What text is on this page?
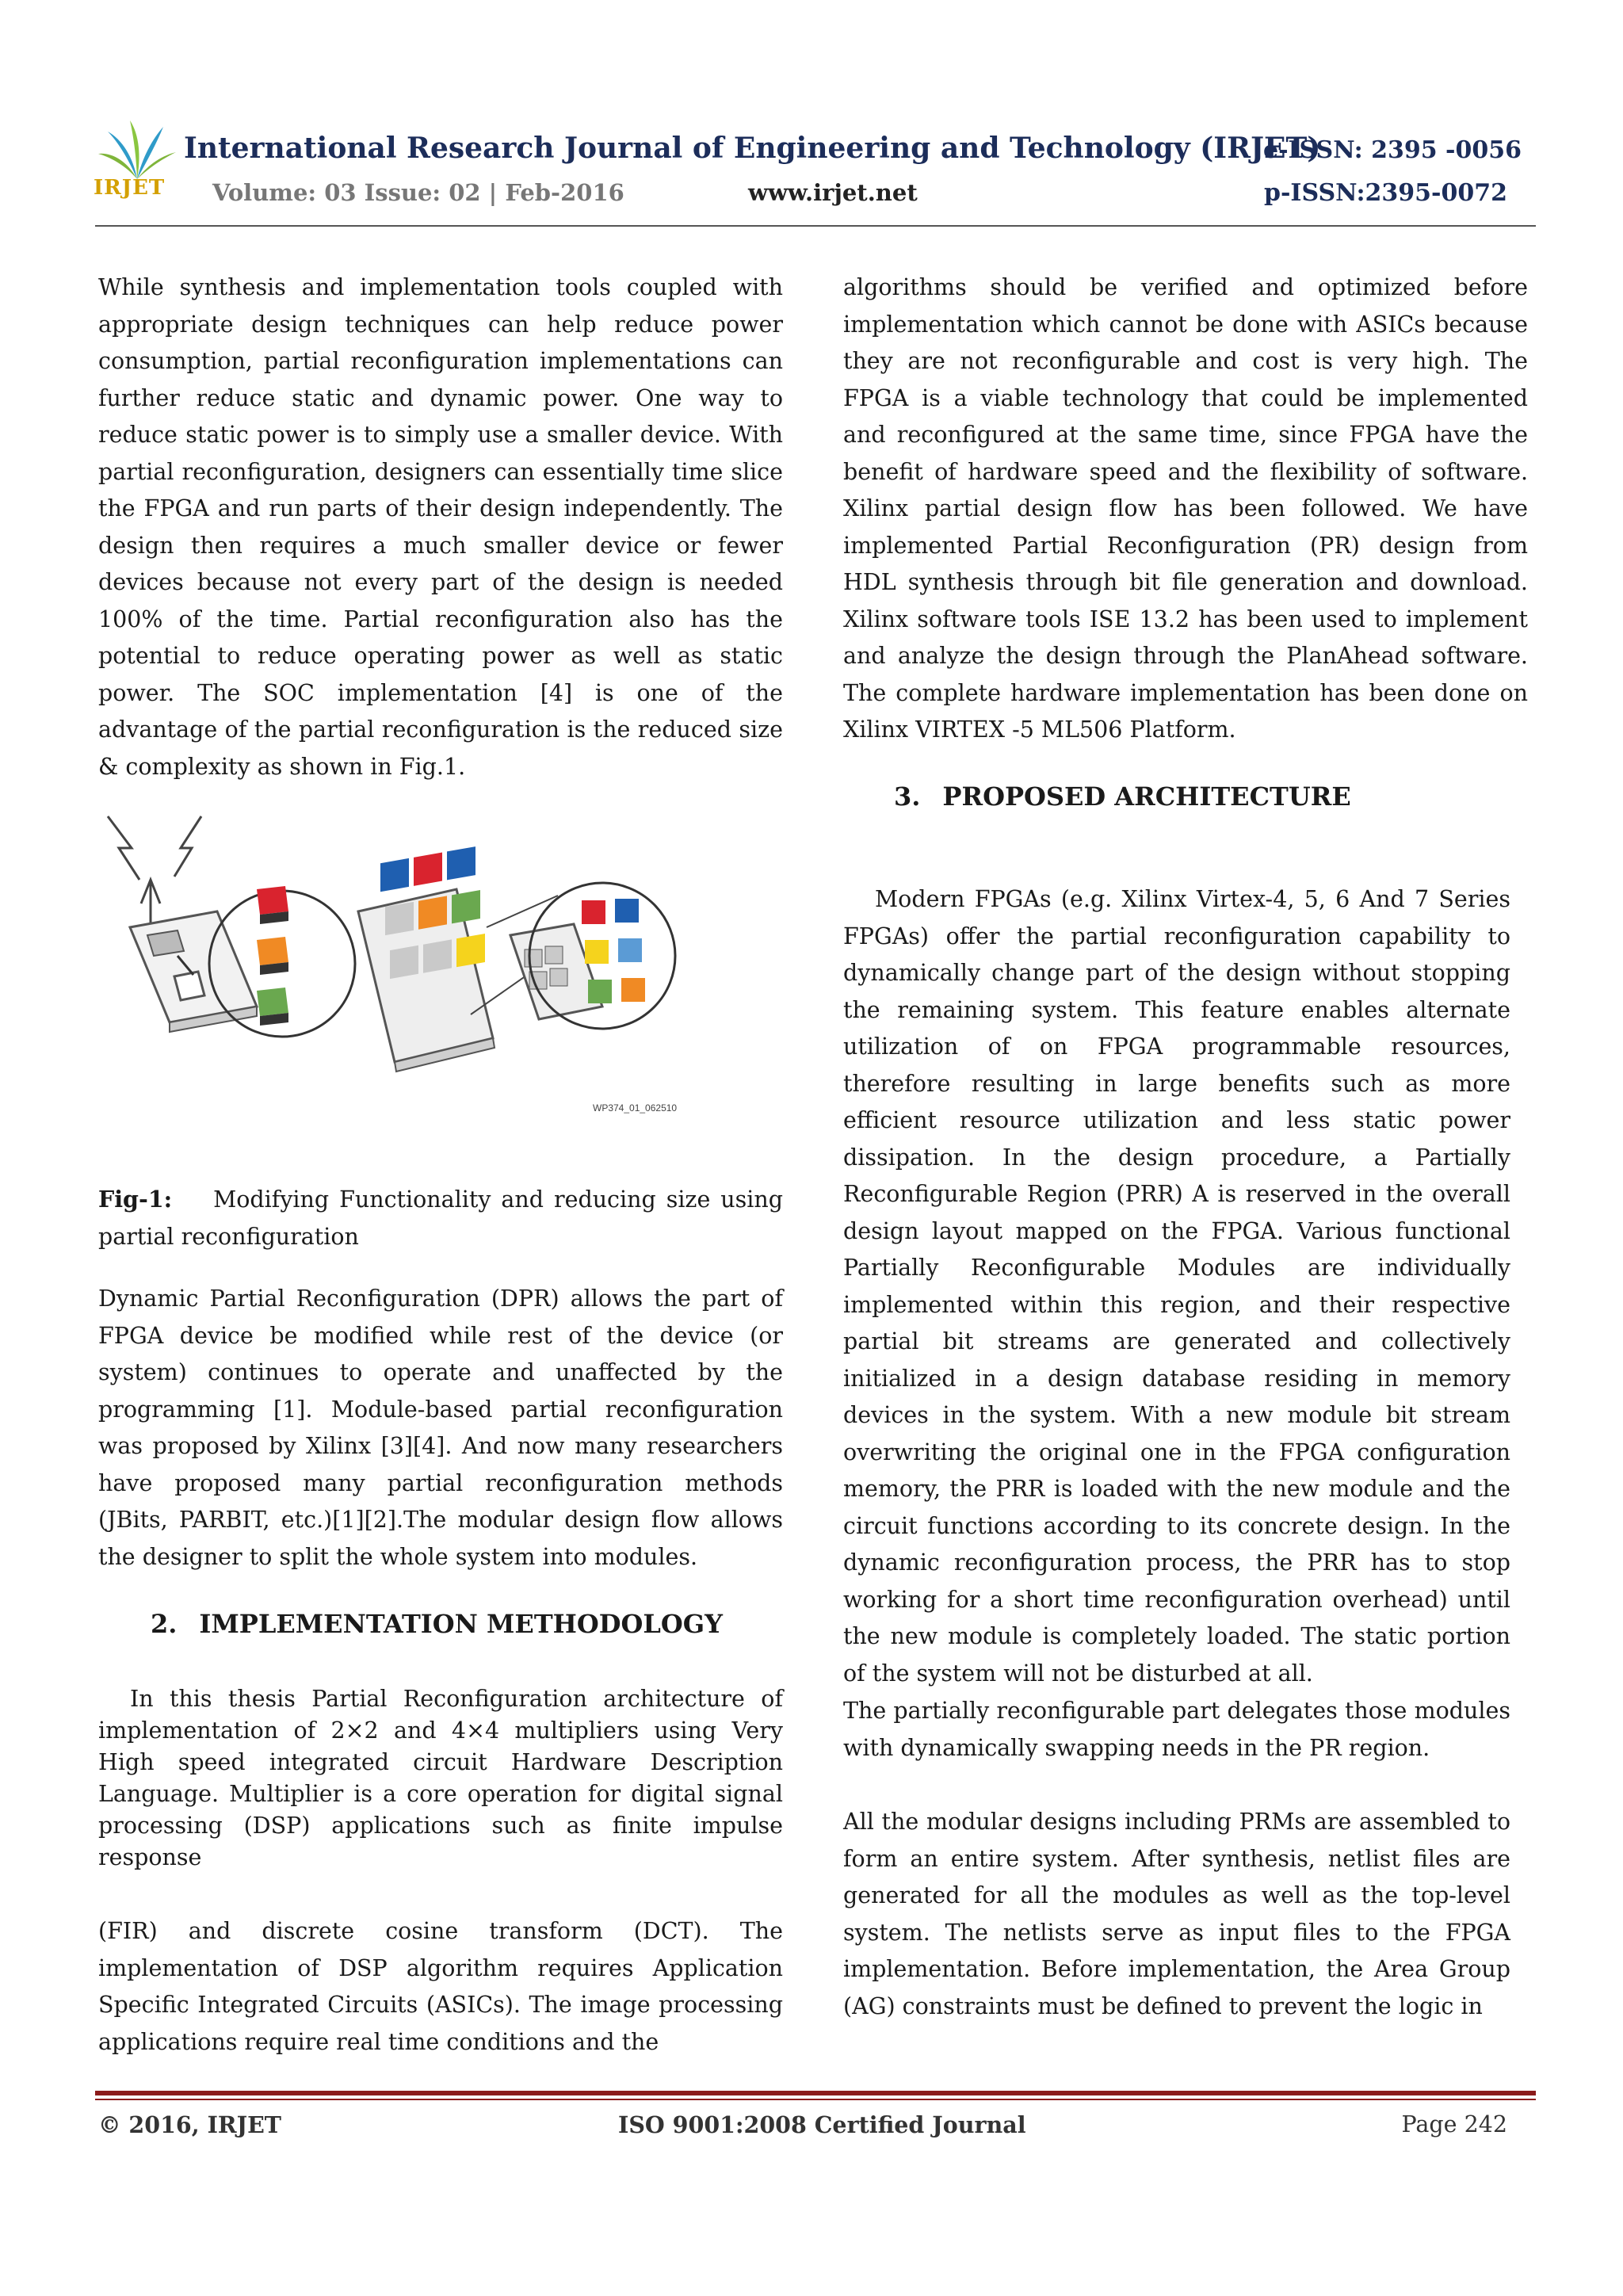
IRJET
International Research Journal of Engineering and Technology (IRJET)
e-ISSN: 2395 -0056
Volume: 03 Issue: 02 | Feb-2016	www.irjet.net	p-ISSN:2395-0072

While synthesis and implementation tools coupled with appropriate design techniques can help reduce power consumption, partial reconfiguration implementations can further reduce static and dynamic power. One way to reduce static power is to simply use a smaller device. With partial reconfiguration, designers can essentially time slice the FPGA and run parts of their design independently. The design then requires a much smaller device or fewer devices because not every part of the design is needed 100% of the time. Partial reconfiguration also has the potential to reduce operating power as well as static power. The SOC implementation [4] is one of the advantage of the partial reconfiguration is the reduced size & complexity as shown in Fig.1.

WP374_01_062510
Fig-1: Modifying Functionality and reducing size using partial reconfiguration

Dynamic Partial Reconfiguration (DPR) allows the part of FPGA device be modified while rest of the device (or system) continues to operate and unaffected by the programming [1]. Module-based partial reconfiguration was proposed by Xilinx [3][4]. And now many researchers have proposed many partial reconfiguration methods (JBits, PARBIT, etc.)[1][2].The modular design flow allows the designer to split the whole system into modules.

2. IMPLEMENTATION METHODOLOGY

In this thesis Partial Reconfiguration architecture of implementation of 2×2 and 4×4 multipliers using Very High speed integrated circuit Hardware Description Language. Multiplier is a core operation for digital signal processing (DSP) applications such as finite impulse response

(FIR) and discrete cosine transform (DCT). The implementation of DSP algorithm requires Application Specific Integrated Circuits (ASICs). The image processing applications require real time conditions and the

algorithms should be verified and optimized before implementation which cannot be done with ASICs because they are not reconfigurable and cost is very high. The FPGA is a viable technology that could be implemented and reconfigured at the same time, since FPGA have the benefit of hardware speed and the flexibility of software. Xilinx partial design flow has been followed. We have implemented Partial Reconfiguration (PR) design from HDL synthesis through bit file generation and download. Xilinx software tools ISE 13.2 has been used to implement and analyze the design through the PlanAhead software. The complete hardware implementation has been done on Xilinx VIRTEX -5 ML506 Platform.

3. PROPOSED ARCHITECTURE

Modern FPGAs (e.g. Xilinx Virtex-4, 5, 6 And 7 Series FPGAs) offer the partial reconfiguration capability to dynamically change part of the design without stopping the remaining system. This feature enables alternate utilization of on FPGA programmable resources, therefore resulting in large benefits such as more efficient resource utilization and less static power dissipation. In the design procedure, a Partially Reconfigurable Region (PRR) A is reserved in the overall design layout mapped on the FPGA. Various functional Partially Reconfigurable Modules are individually implemented within this region, and their respective partial bit streams are generated and collectively initialized in a design database residing in memory devices in the system. With a new module bit stream overwriting the original one in the FPGA configuration memory, the PRR is loaded with the new module and the circuit functions according to its concrete design. In the dynamic reconfiguration process, the PRR has to stop working for a short time reconfiguration overhead) until the new module is completely loaded. The static portion of the system will not be disturbed at all.

The partially reconfigurable part delegates those modules with dynamically swapping needs in the PR region.

All the modular designs including PRMs are assembled to form an entire system. After synthesis, netlist files are generated for all the modules as well as the top-level system. The netlists serve as input files to the FPGA implementation. Before implementation, the Area Group (AG) constraints must be defined to prevent the logic in

© 2016, IRJET	ISO 9001:2008 Certified Journal	Page 242
